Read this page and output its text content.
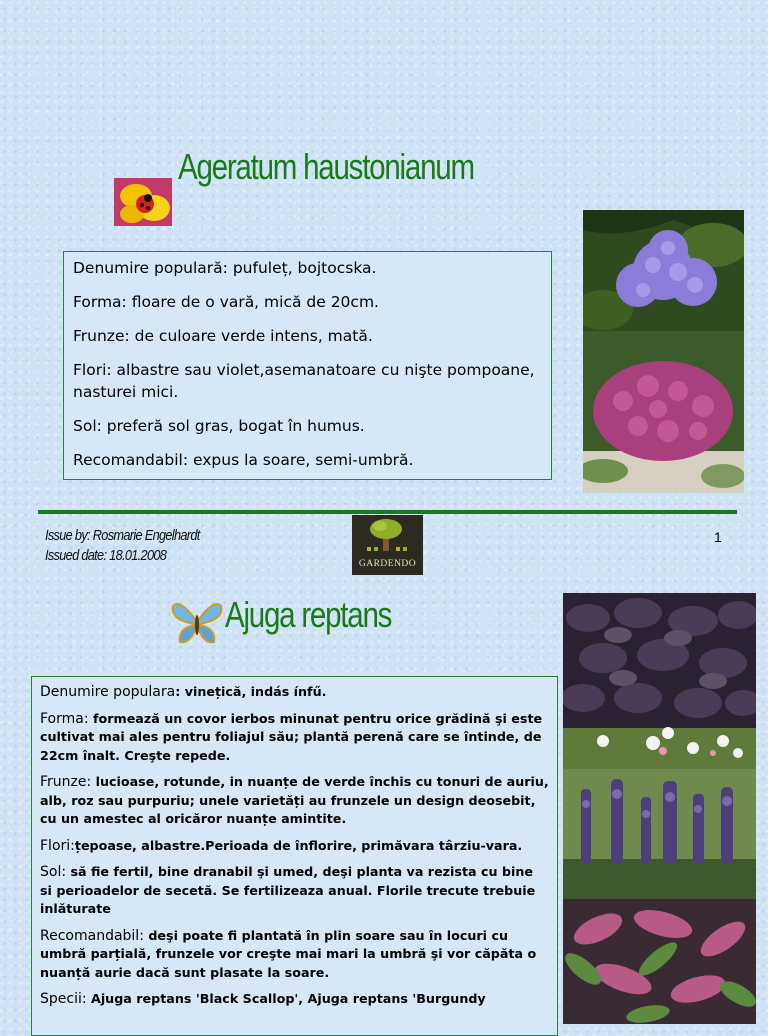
Ageratum haustonianum

Denumire populară: pufuleț, bojtocska.

Forma: floare de o vară, mică de 20cm.

Frunze: de culoare verde intens, mată.

Flori: albastre sau violet,asemanatoare cu nişte pompoane, nasturei mici.

Sol: preferă sol gras, bogat în humus.

Recomandabil: expus la soare, semi-umbră.

Issue by: Rosmarie Engelhardt
Issued date: 18.01.2008	GARDENDO
1
Ajuga reptans

Denumire populara: vinețică, indás ínfű.

Forma: formează un covor ierbos minunat pentru orice grădină şi este cultivat mai ales pentru foliajul său; plantă perenă care se întinde, de 22cm înalt. Creşte repede.

Frunze: lucioase, rotunde, in nuanțe de verde închis cu tonuri de auriu, alb, roz sau purpuriu; unele varietăți au frunzele un design deosebit, cu un amestec al oricăror nuanțe amintite.

Flori:țepoase, albastre.Perioada de înflorire, primăvara târziu-vara.

Sol: să fie fertil, bine dranabil şi umed, deşi planta va rezista cu bine si perioadelor de secetă. Se fertilizeaza anual. Florile trecute trebuie inlăturate

Recomandabil: deşi poate fi plantată în plin soare sau în locuri cu umbră parțială, frunzele vor creşte mai mari la umbră şi vor căpăta o nuanță aurie dacă sunt plasate la soare.

Specii: Ajuga reptans 'Black Scallop', Ajuga reptans 'Burgundy
